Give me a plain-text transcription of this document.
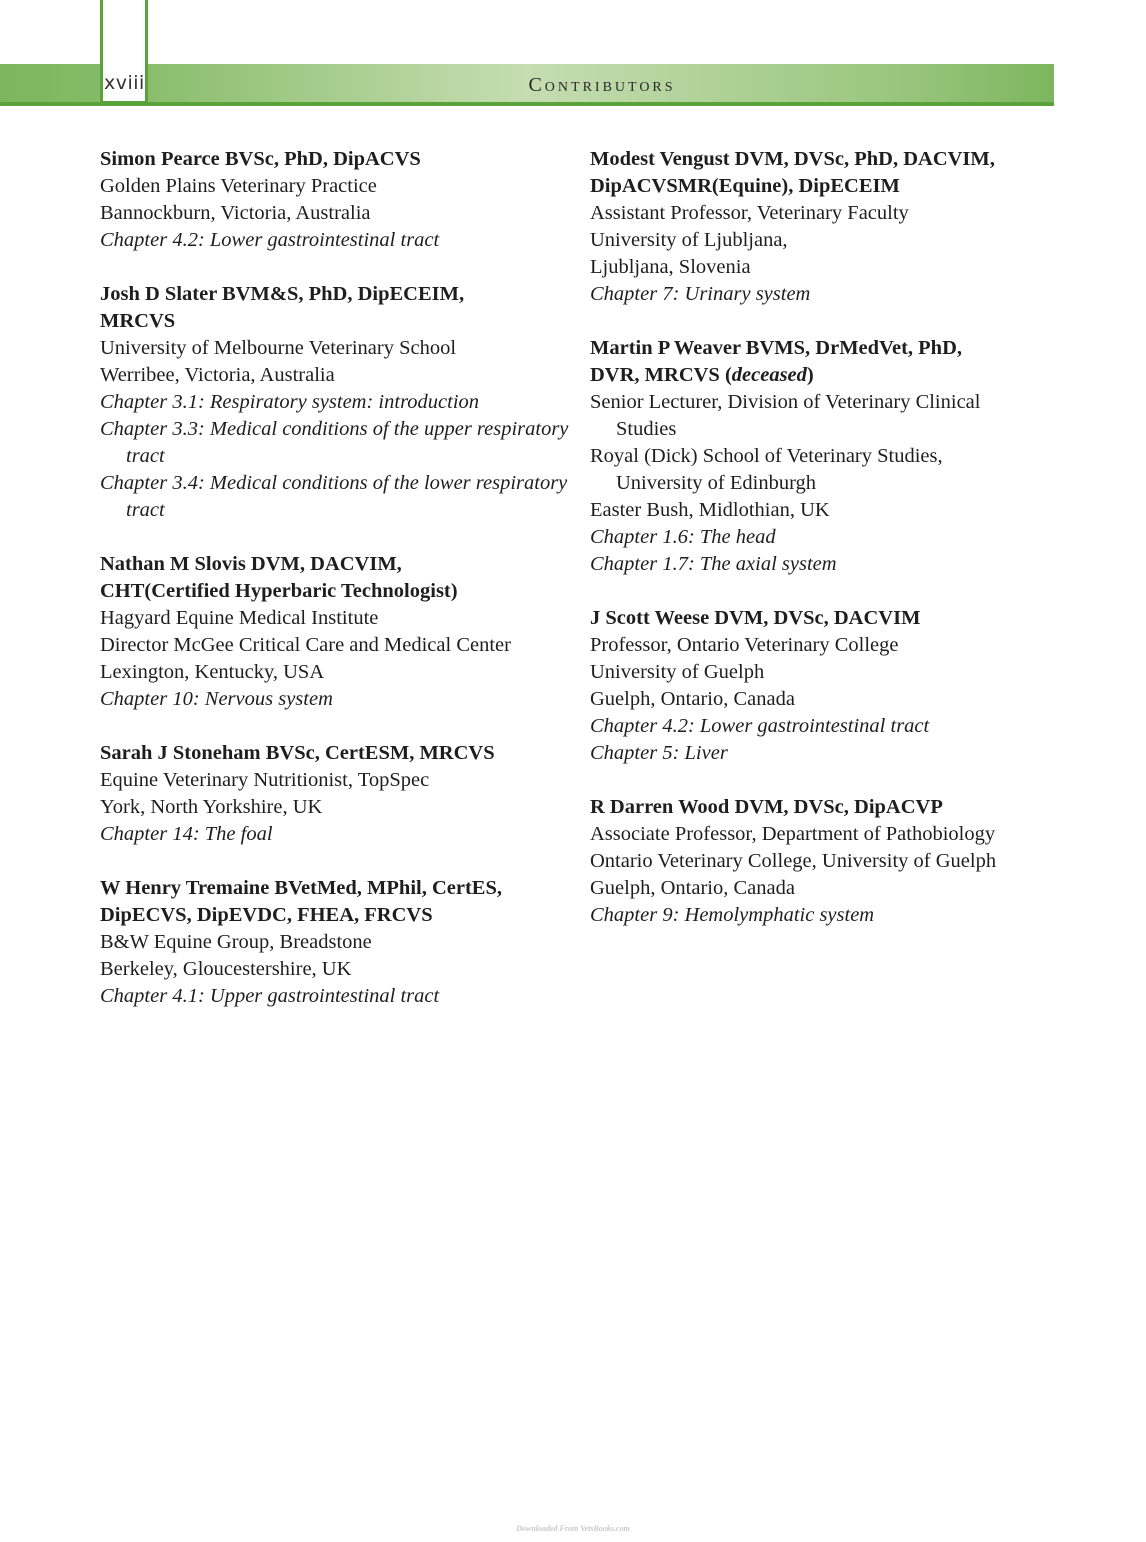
xviii	Contributors
Simon Pearce BVSc, PhD, DipACVS
Golden Plains Veterinary Practice
Bannockburn, Victoria, Australia
Chapter 4.2: Lower gastrointestinal tract
Josh D Slater BVM&S, PhD, DipECEIM,
MRCVS
University of Melbourne Veterinary School
Werribee, Victoria, Australia
Chapter 3.1: Respiratory system: introduction
Chapter 3.3: Medical conditions of the upper respiratory
tract
Chapter 3.4: Medical conditions of the lower respiratory
tract
Nathan M Slovis DVM, DACVIM,
CHT(Certified Hyperbaric Technologist)
Hagyard Equine Medical Institute
Director McGee Critical Care and Medical Center
Lexington, Kentucky, USA
Chapter 10: Nervous system
Sarah J Stoneham BVSc, CertESM, MRCVS
Equine Veterinary Nutritionist, TopSpec
York, North Yorkshire, UK
Chapter 14: The foal
W Henry Tremaine BVetMed, MPhil, CertES,
DipECVS, DipEVDC, FHEA, FRCVS
B&W Equine Group, Breadstone
Berkeley, Gloucestershire, UK
Chapter 4.1: Upper gastrointestinal tract
Modest Vengust DVM, DVSc, PhD, DACVIM,
DipACVSMR(Equine), DipECEIM
Assistant Professor, Veterinary Faculty
University of Ljubljana,
Ljubljana, Slovenia
Chapter 7: Urinary system
Martin P Weaver BVMS, DrMedVet, PhD,
DVR, MRCVS (deceased)
Senior Lecturer, Division of Veterinary Clinical
Studies
Royal (Dick) School of Veterinary Studies,
University of Edinburgh
Easter Bush, Midlothian, UK
Chapter 1.6: The head
Chapter 1.7: The axial system
J Scott Weese DVM, DVSc, DACVIM
Professor, Ontario Veterinary College
University of Guelph
Guelph, Ontario, Canada
Chapter 4.2: Lower gastrointestinal tract
Chapter 5: Liver
R Darren Wood DVM, DVSc, DipACVP
Associate Professor, Department of Pathobiology
Ontario Veterinary College, University of Guelph
Guelph, Ontario, Canada
Chapter 9: Hemolymphatic system
Downloaded From VetsBooks.com
